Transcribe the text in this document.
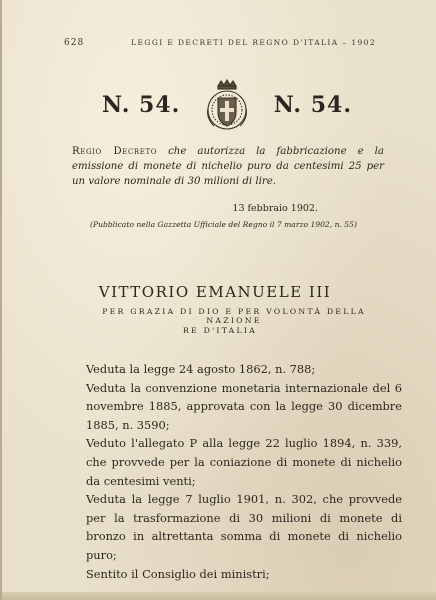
628	LEGGI E DECRETI DEL REGNO D'ITALIA – 1902
N. 54.	N. 54.
Regio Decreto che autorizza la fabbricazione e la emissione di monete di nichelio puro da centesimi 25 per un valore nominale di 30 milioni di lire.
13 febbraio 1902.
(Pubblicato nella Gazzetta Ufficiale del Regno il 7 marzo 1902, n. 55)
VITTORIO EMANUELE III
PER GRAZIA DI DIO E PER VOLONTÀ DELLA NAZIONE
RE D'ITALIA

Veduta la legge 24 agosto 1862, n. 788;

Veduta la convenzione monetaria internazionale del 6 novembre 1885, approvata con la legge 30 dicembre 1885, n. 3590;

Veduto l'allegato P alla legge 22 luglio 1894, n. 339, che provvede per la coniazione di monete di nichelio da centesimi venti;

Veduta la legge 7 luglio 1901, n. 302, che provvede per la trasformazione di 30 milioni di monete di bronzo in altrettanta somma di monete di nichelio puro;

Sentito il Consiglio dei ministri;
